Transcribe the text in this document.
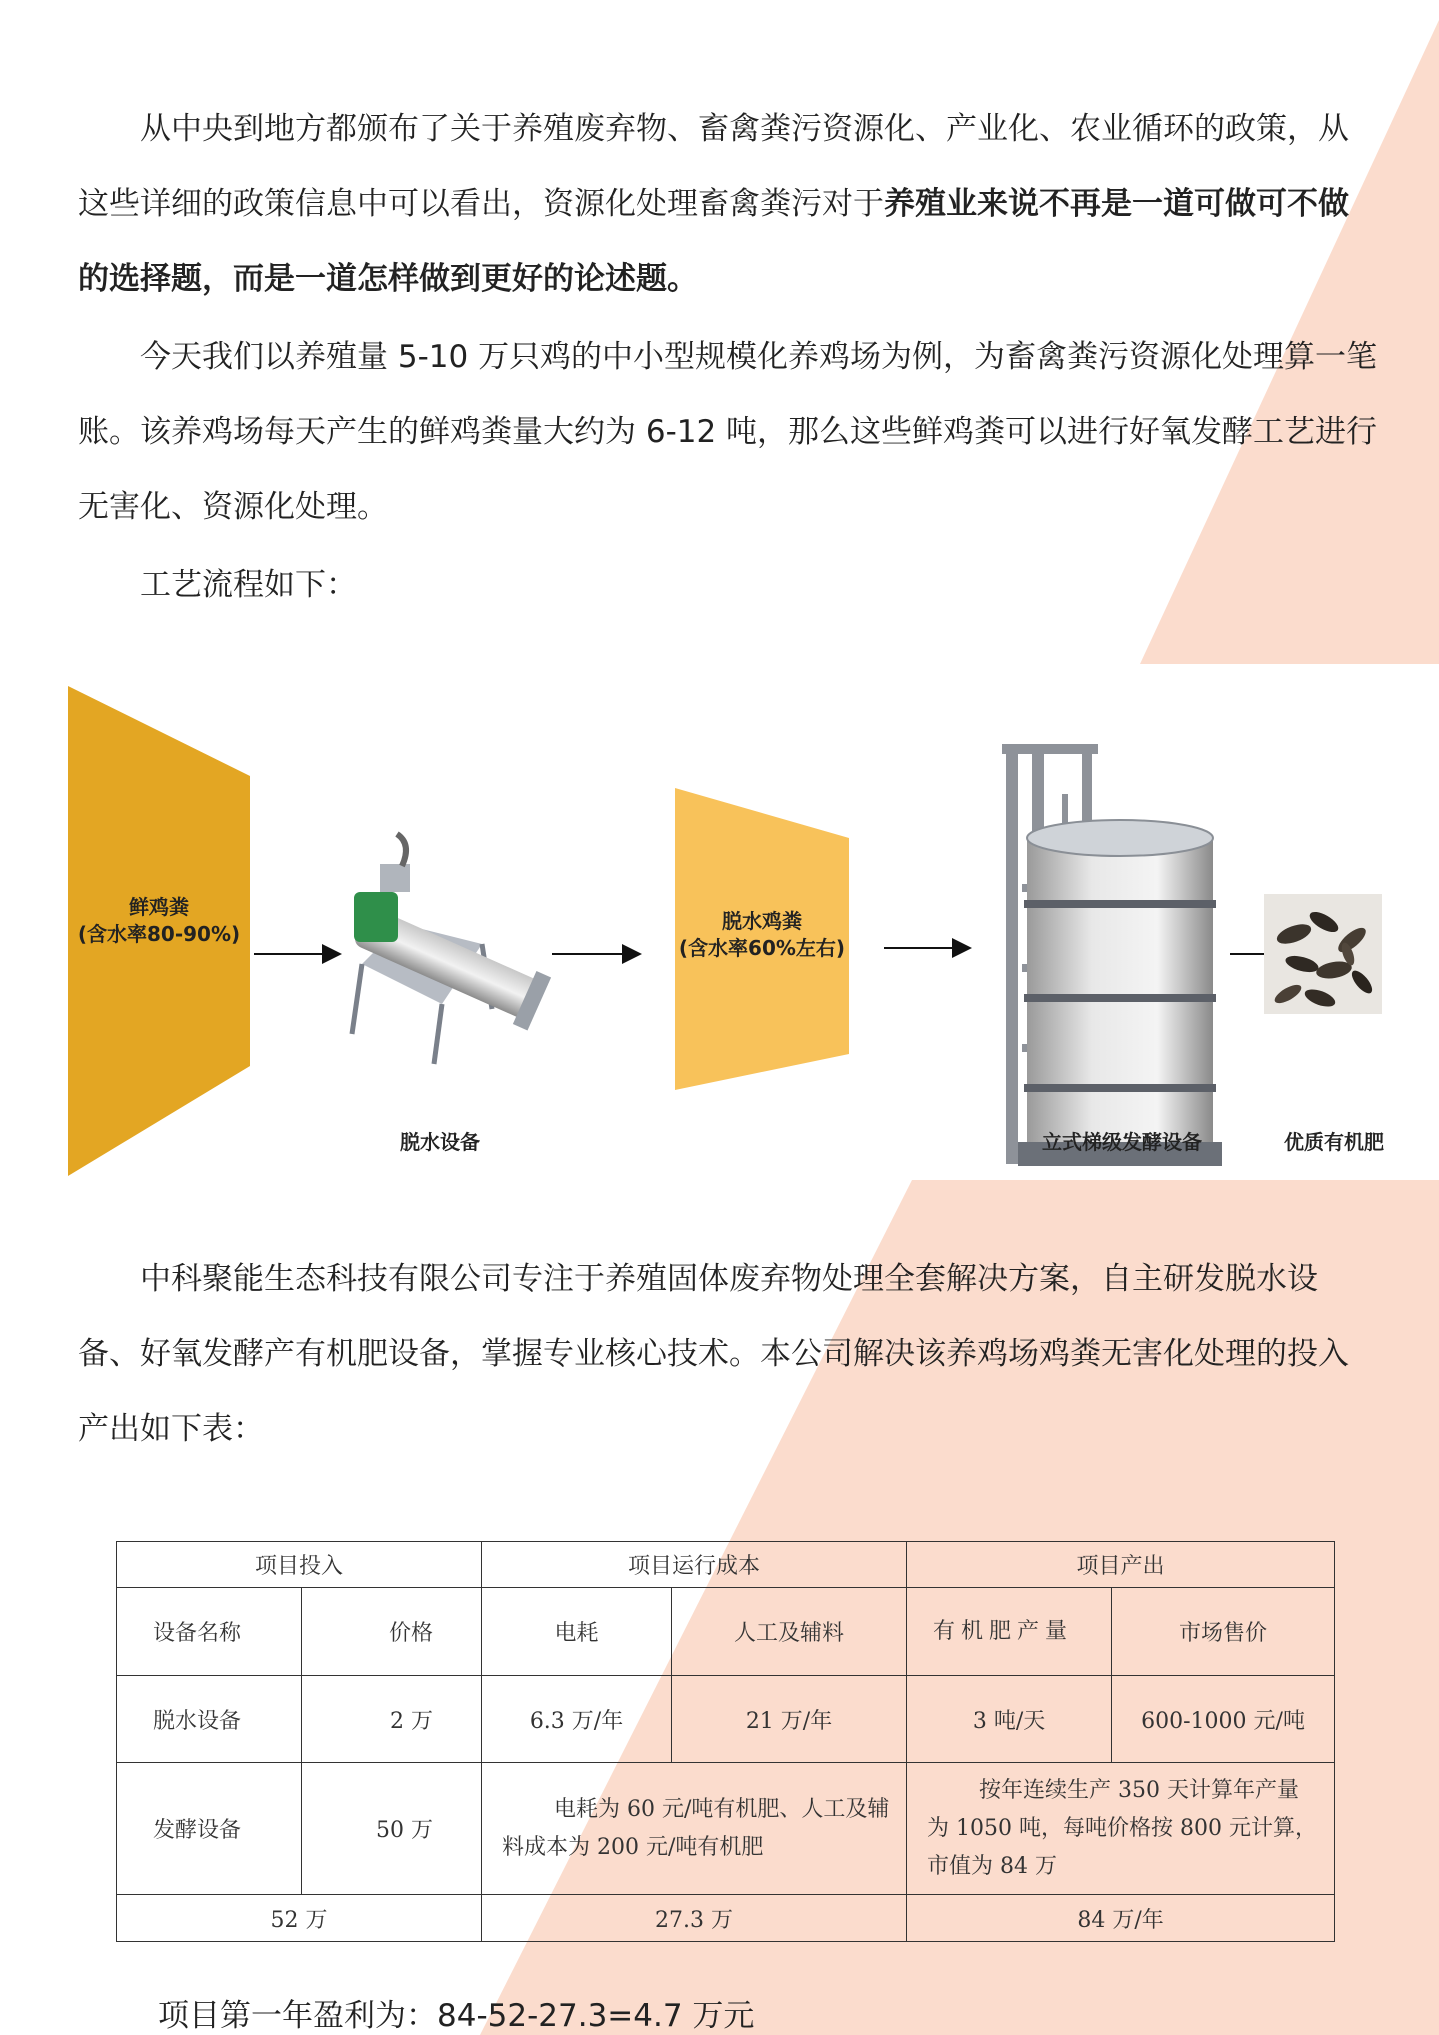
从中央到地方都颁布了关于养殖废弃物、畜禽粪污资源化、产业化、农业循环的政策，从这些详细的政策信息中可以看出，资源化处理畜禽粪污对于养殖业来说不再是一道可做可不做的选择题，而是一道怎样做到更好的论述题。

今天我们以养殖量 5-10 万只鸡的中小型规模化养鸡场为例，为畜禽粪污资源化处理算一笔账。该养鸡场每天产生的鲜鸡粪量大约为 6-12 吨，那么这些鲜鸡粪可以进行好氧发酵工艺进行无害化、资源化处理。

工艺流程如下：

鲜鸡粪
(含水率80-90%)
脱水鸡粪
(含水率60%左右)
脱水设备	立式梯级发酵设备	优质有机肥

中科聚能生态科技有限公司专注于养殖固体废弃物处理全套解决方案，自主研发脱水设备、好氧发酵产有机肥设备，掌握专业核心技术。本公司解决该养鸡场鸡粪无害化处理的投入产出如下表：

项目投入		项目运行成本		项目产出	
设备名称	价格	电耗	人工及辅料	有机肥产量	市场售价
脱水设备	2 万	6.3 万/年	21 万/年	3 吨/天	600-1000 元/吨
发酵设备	50 万	电耗为 60 元/吨有机肥、人工及辅料成本为 200 元/吨有机肥		按年连续生产 350 天计算年产量为 1050 吨，每吨价格按 800 元计算，市值为 84 万	
52 万		27.3 万		84 万/年	

项目第一年盈利为：84-52-27.3=4.7 万元
